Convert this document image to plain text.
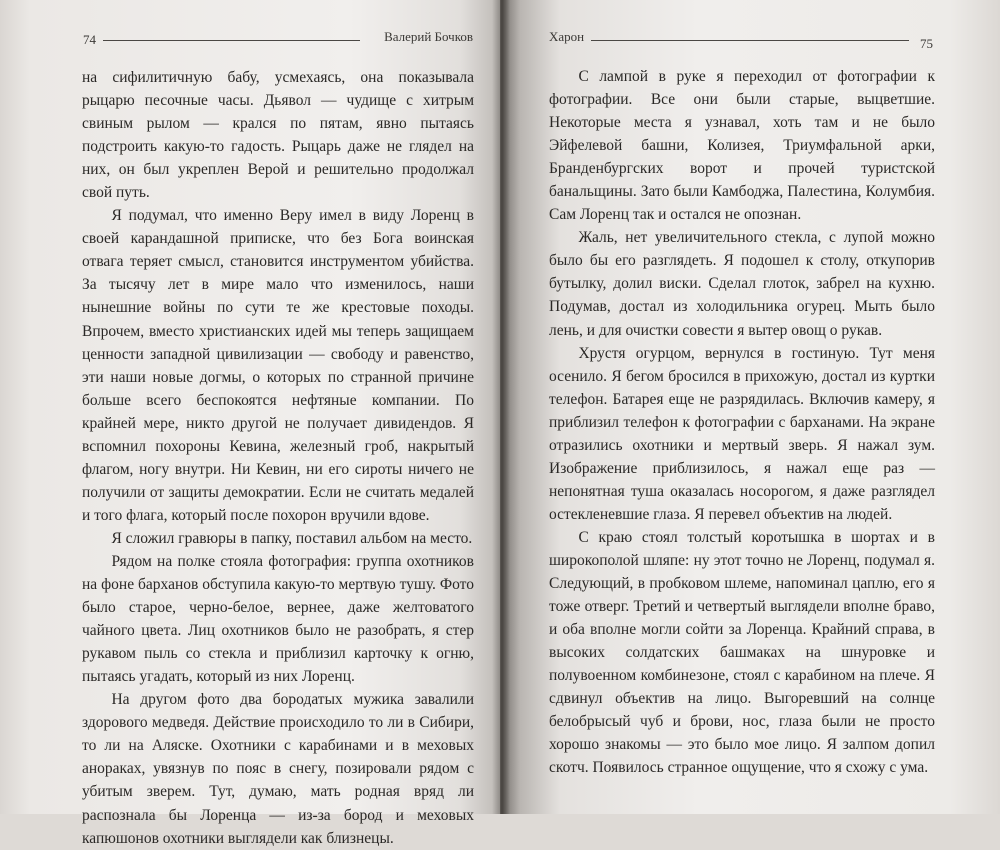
74	Валерий Бочков

на сифилитичную бабу, усмехаясь, она показывала рыцарю песочные часы. Дьявол — чудище с хитрым свиным рылом — крался по пятам, явно пытаясь подстроить какую-то гадость. Рыцарь даже не глядел на них, он был укреплен Верой и решительно продолжал свой путь.

Я подумал, что именно Веру имел в виду Лоренц в своей карандашной приписке, что без Бога воинская отвага теряет смысл, становится инструментом убийства. За тысячу лет в мире мало что изменилось, наши нынешние войны по сути те же крестовые походы. Впрочем, вместо христианских идей мы теперь защищаем ценности западной цивилизации — свободу и равенство, эти наши новые догмы, о которых по странной причине больше всего беспокоятся нефтяные компании. По крайней мере, никто другой не получает дивидендов. Я вспомнил похороны Кевина, железный гроб, накрытый флагом, ногу внутри. Ни Кевин, ни его сироты ничего не получили от защиты демократии. Если не считать медалей и того флага, который после похорон вручили вдове.

Я сложил гравюры в папку, поставил альбом на место.

Рядом на полке стояла фотография: группа охотников на фоне барханов обступила какую-то мертвую тушу. Фото было старое, черно-белое, вернее, даже желтоватого чайного цвета. Лиц охотников было не разобрать, я стер рукавом пыль со стекла и приблизил карточку к огню, пытаясь угадать, который из них Лоренц.

На другом фото два бородатых мужика завалили здорового медведя. Действие происходило то ли в Сибири, то ли на Аляске. Охотники с карабинами и в меховых анораках, увязнув по пояс в снегу, позировали рядом с убитым зверем. Тут, думаю, мать родная вряд ли распознала бы Лоренца — из-за бород и меховых капюшонов охотники выглядели как близнецы.

Харон	75

С лампой в руке я переходил от фотографии к фотографии. Все они были старые, выцветшие. Некоторые места я узнавал, хоть там и не было Эйфелевой башни, Колизея, Триумфальной арки, Бранденбургских ворот и прочей туристской банальщины. Зато были Камбоджа, Палестина, Колумбия. Сам Лоренц так и остался не опознан.

Жаль, нет увеличительного стекла, с лупой можно было бы его разглядеть. Я подошел к столу, откупорив бутылку, долил виски. Сделал глоток, забрел на кухню. Подумав, достал из холодильника огурец. Мыть было лень, и для очистки совести я вытер овощ о рукав.

Хрустя огурцом, вернулся в гостиную. Тут меня осенило. Я бегом бросился в прихожую, достал из куртки телефон. Батарея еще не разрядилась. Включив камеру, я приблизил телефон к фотографии с барханами. На экране отразились охотники и мертвый зверь. Я нажал зум. Изображение приблизилось, я нажал еще раз — непонятная туша оказалась носорогом, я даже разглядел остекленевшие глаза. Я перевел объектив на людей.

С краю стоял толстый коротышка в шортах и в широкополой шляпе: ну этот точно не Лоренц, подумал я. Следующий, в пробковом шлеме, напоминал цаплю, его я тоже отверг. Третий и четвертый выглядели вполне браво, и оба вполне могли сойти за Лоренца. Крайний справа, в высоких солдатских башмаках на шнуровке и полувоенном комбинезоне, стоял с карабином на плече. Я сдвинул объектив на лицо. Выгоревший на солнце белобрысый чуб и брови, нос, глаза были не просто хорошо знакомы — это было мое лицо. Я залпом допил скотч. Появилось странное ощущение, что я схожу с ума.
